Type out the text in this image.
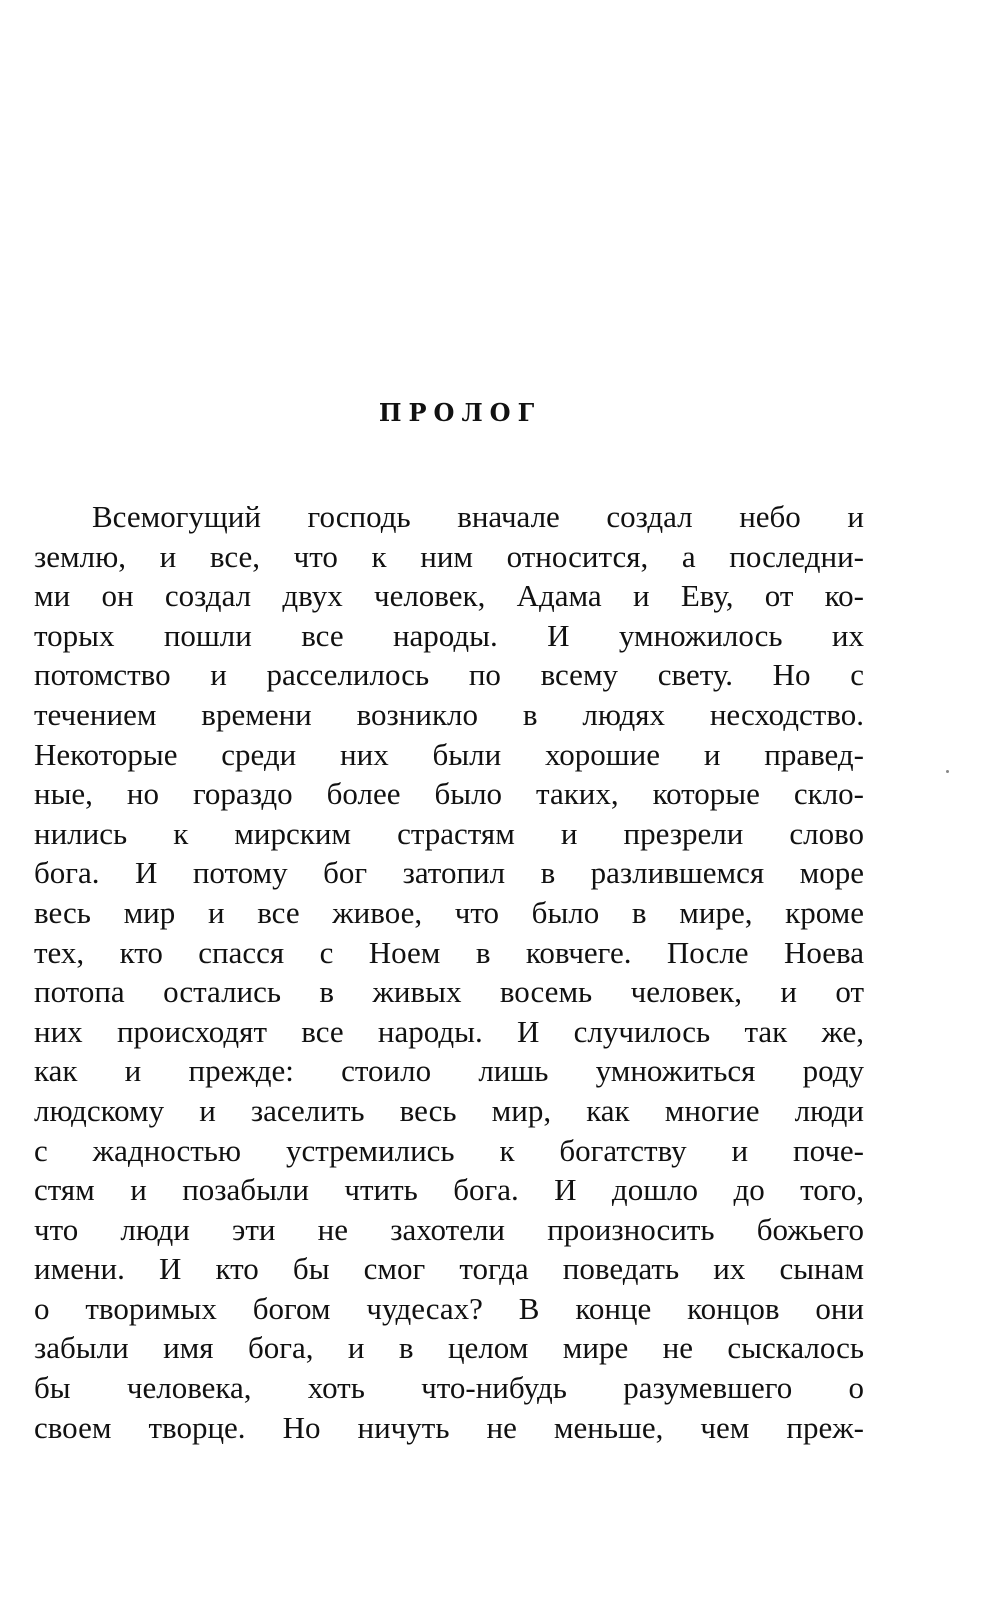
ПРОЛОГ
Всемогущий господь вначале создал небо и
землю, и все, что к ним относится, а последни-
ми он создал двух человек, Адама и Еву, от ко-
торых пошли все народы. И умножилось их
потомство и расселилось по всему свету. Но с
течением времени возникло в людях несходство.
Некоторые среди них были хорошие и правед-
ные, но гораздо более было таких, которые скло-
нились к мирским страстям и презрели слово
бога. И потому бог затопил в разлившемся море
весь мир и все живое, что было в мире, кроме
тех, кто спасся с Ноем в ковчеге. После Ноева
потопа остались в живых восемь человек, и от
них происходят все народы. И случилось так же,
как и прежде: стоило лишь умножиться роду
людскому и заселить весь мир, как многие люди
с жадностью устремились к богатству и поче-
стям и позабыли чтить бога. И дошло до того,
что люди эти не захотели произносить божьего
имени. И кто бы смог тогда поведать их сынам
о творимых богом чудесах? В конце концов они
забыли имя бога, и в целом мире не сыскалось
бы человека, хоть что-нибудь разумевшего о
своем творце. Но ничуть не меньше, чем преж-
